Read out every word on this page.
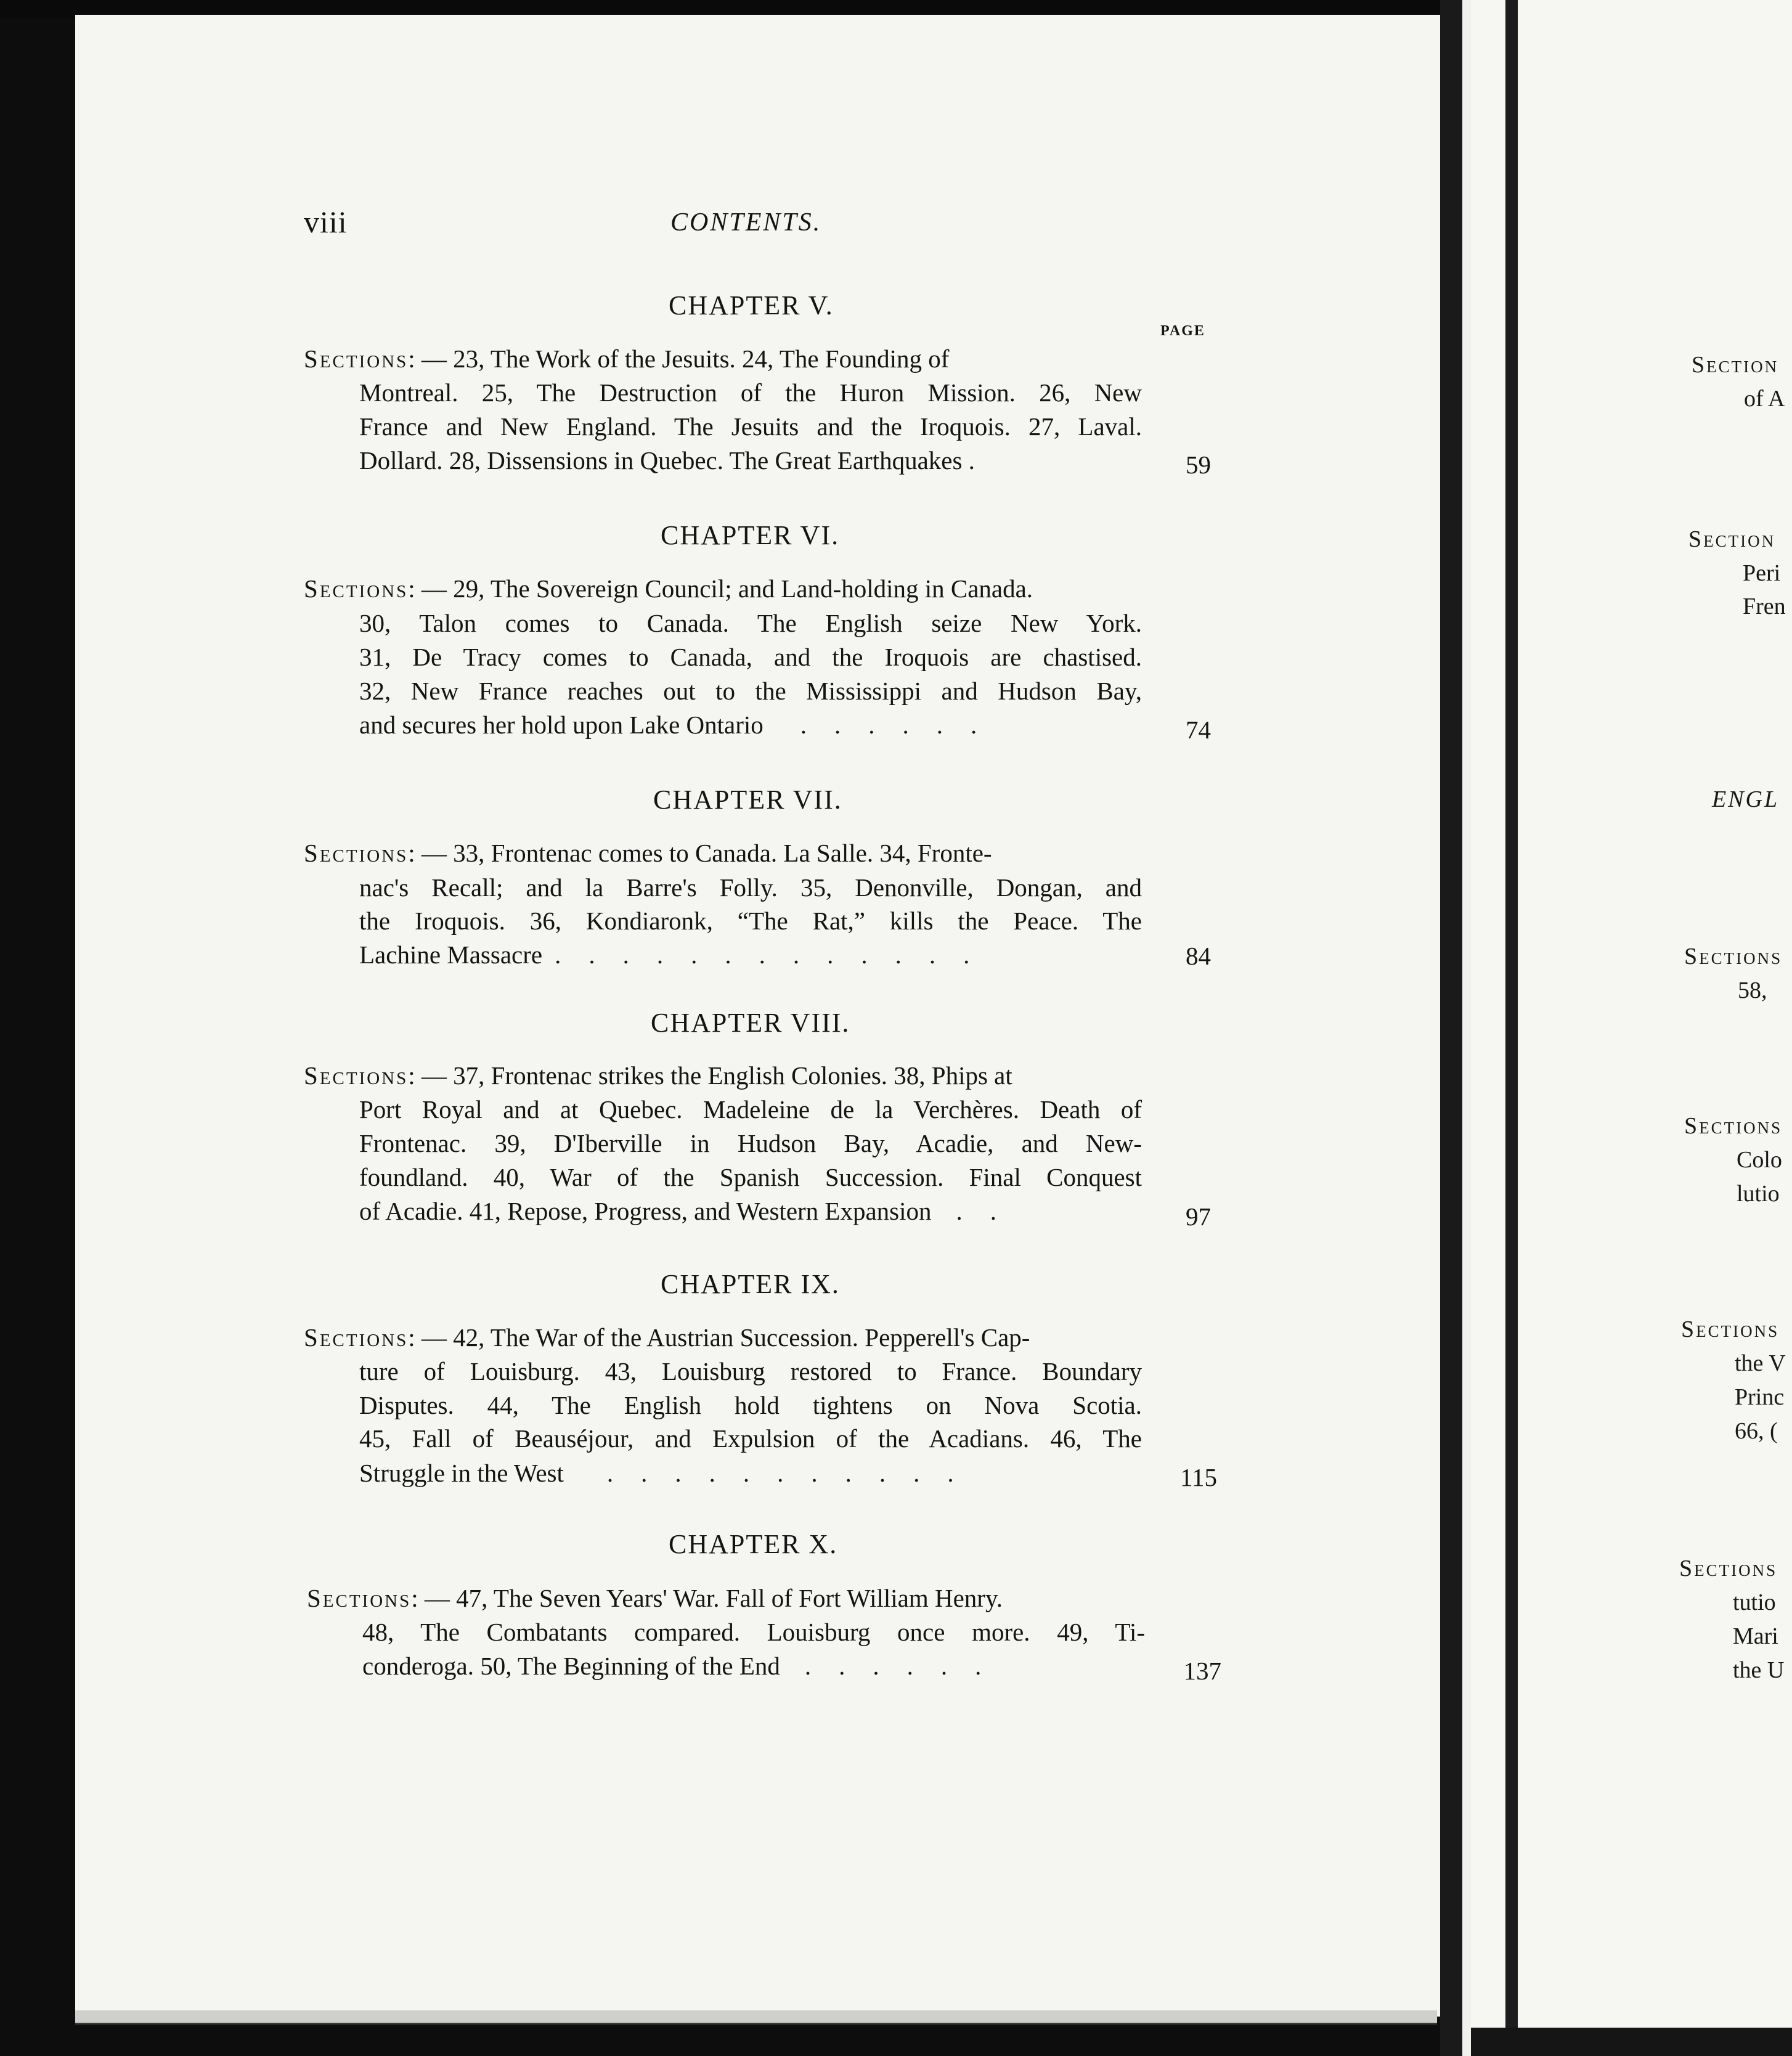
viii	CONTENTS.
PAGE
CHAPTER V.
Sections: — 23, The Work of the Jesuits. 24, The Founding of
Montreal. 25, The Destruction of the Huron Mission. 26, New
France and New England. The Jesuits and the Iroquois. 27, Laval.
Dollard. 28, Dissensions in Quebec. The Great Earthquakes .	59
CHAPTER VI.
Sections: — 29, The Sovereign Council; and Land-holding in Canada.
30, Talon comes to Canada. The English seize New York.
31, De Tracy comes to Canada, and the Iroquois are chastised.
32, New France reaches out to the Mississippi and Hudson Bay,
and secures her hold upon Lake Ontario ......	74
CHAPTER VII.
Sections: — 33, Frontenac comes to Canada. La Salle. 34, Fronte-
nac's Recall; and la Barre's Folly. 35, Denonville, Dongan, and
the Iroquois. 36, Kondiaronk, “The Rat,” kills the Peace. The
Lachine Massacre .............	84
CHAPTER VIII.
Sections: — 37, Frontenac strikes the English Colonies. 38, Phips at
Port Royal and at Quebec. Madeleine de la Verchères. Death of
Frontenac. 39, D'Iberville in Hudson Bay, Acadie, and New-
foundland. 40, War of the Spanish Succession. Final Conquest
of Acadie. 41, Repose, Progress, and Western Expansion ..	97
CHAPTER IX.
Sections: — 42, The War of the Austrian Succession. Pepperell's Cap-
ture of Louisburg. 43, Louisburg restored to France. Boundary
Disputes. 44, The English hold tightens on Nova Scotia.
45, Fall of Beauséjour, and Expulsion of the Acadians. 46, The
Struggle in the West ...........	115
CHAPTER X.
Sections: — 47, The Seven Years' War. Fall of Fort William Henry.
48, The Combatants compared. Louisburg once more. 49, Ti-
conderoga. 50, The Beginning of the End ......	137
Section
of A
Section
Peri
Fren
ENGL
Sections
58,
Sections
Colo
lutio
Sections
the V
Princ
66, (
Sections
tutio
Mari
the U
